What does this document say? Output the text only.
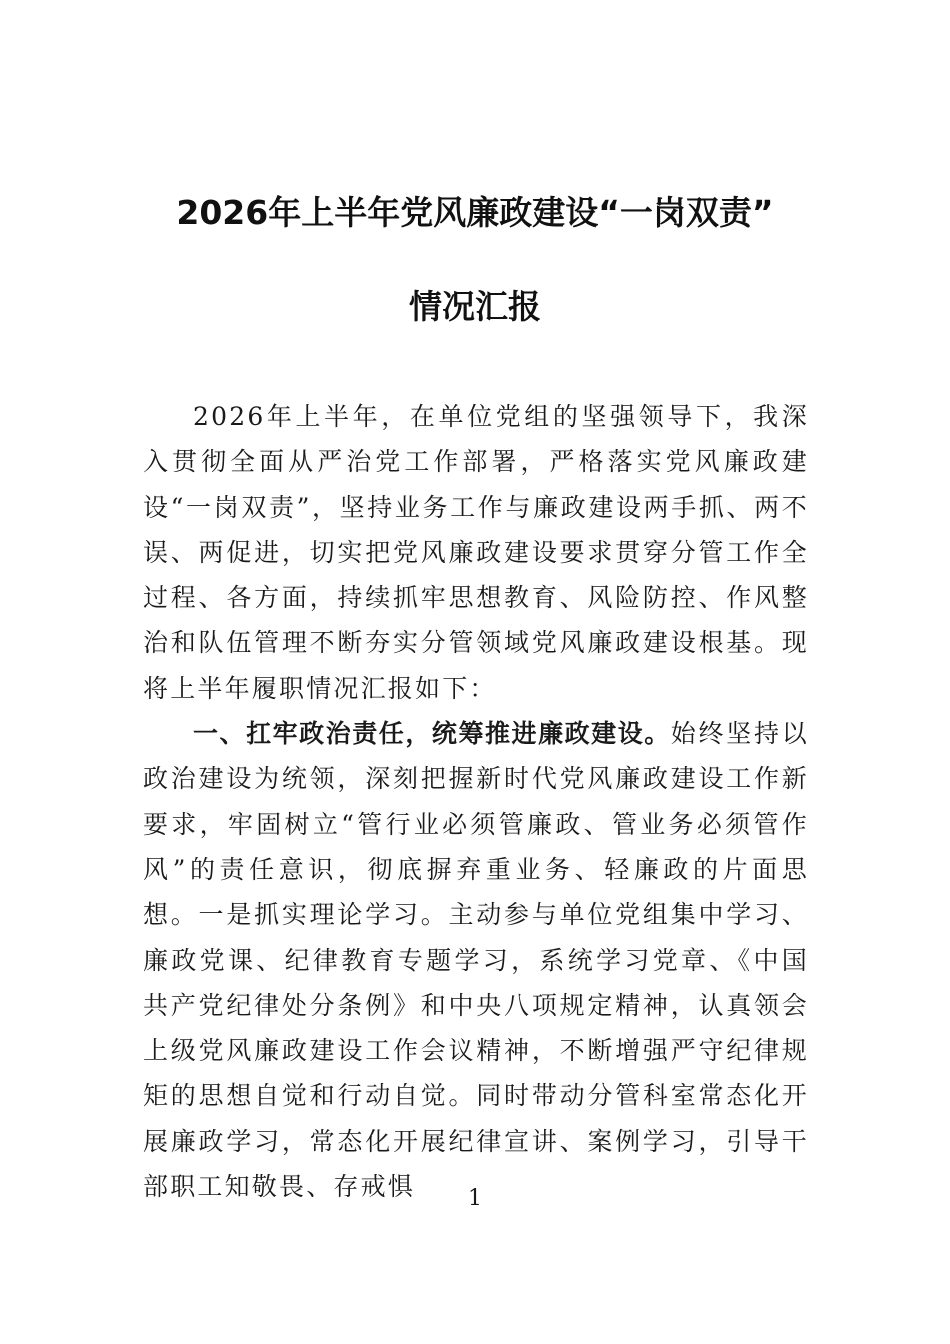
2026年上半年党风廉政建设“一岗双责”
情况汇报

2026年上半年，在单位党组的坚强领导下，我深入贯彻全面从严治党工作部署，严格落实党风廉政建设“一岗双责”，坚持业务工作与廉政建设两手抓、两不误、两促进，切实把党风廉政建设要求贯穿分管工作全过程、各方面，持续抓牢思想教育、风险防控、作风整治和队伍管理不断夯实分管领域党风廉政建设根基。现将上半年履职情况汇报如下：

一、扛牢政治责任，统筹推进廉政建设。始终坚持以政治建设为统领，深刻把握新时代党风廉政建设工作新要求，牢固树立“管行业必须管廉政、管业务必须管作风”的责任意识，彻底摒弃重业务、轻廉政的片面思想。一是抓实理论学习。主动参与单位党组集中学习、廉政党课、纪律教育专题学习，系统学习党章、《中国共产党纪律处分条例》和中央八项规定精神，认真领会上级党风廉政建设工作会议精神，不断增强严守纪律规矩的思想自觉和行动自觉。同时带动分管科室常态化开展廉政学习，常态化开展纪律宣讲、案例学习，引导干部职工知敬畏、存戒惧	1
